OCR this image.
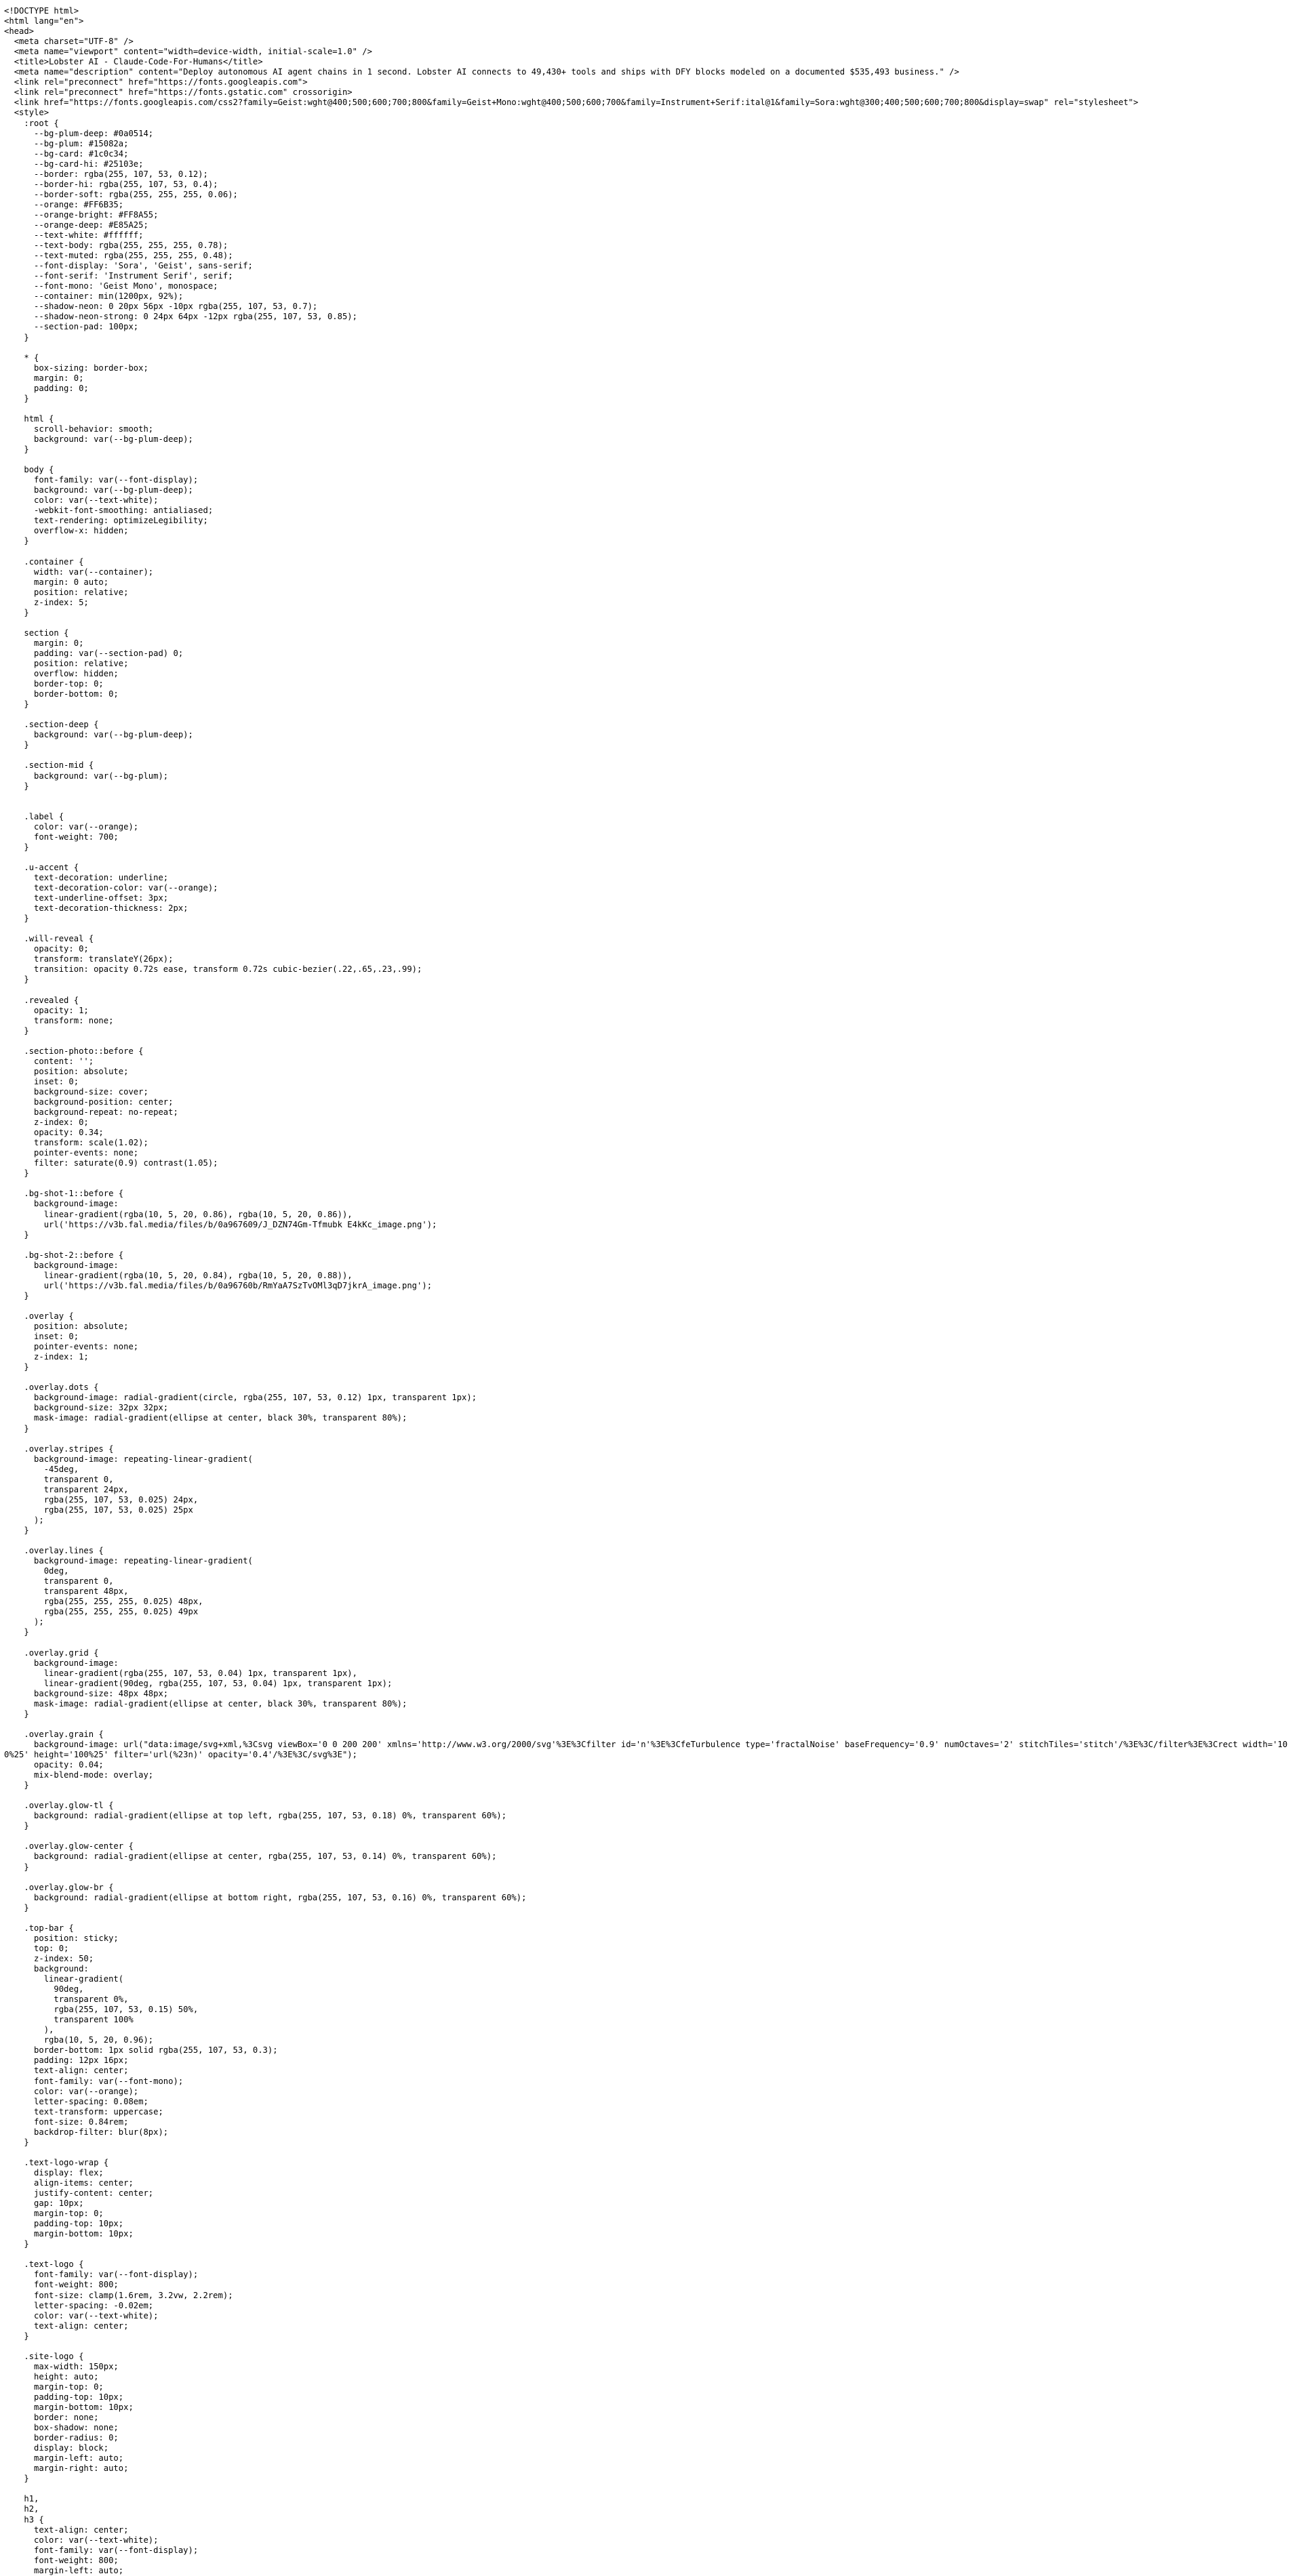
<!DOCTYPE html>
<html lang="en">
<head>
<meta charset="UTF-8" />
<meta name="viewport" content="width=device-width, initial-scale=1.0" />
<title>Lobster AI - Claude-Code-For-Humans</title>
<meta name="description" content="Deploy autonomous AI agent chains in 1 second. Lobster AI connects to 49,430+ tools and ships with DFY blocks modeled on a documented $535,493 business." />
<link rel="preconnect" href="https://fonts.googleapis.com">
<link rel="preconnect" href="https://fonts.gstatic.com" crossorigin>
<link href="https://fonts.googleapis.com/css2?family=Geist:wght@400;500;600;700;800&family=Geist+Mono:wght@400;500;600;700&family=Instrument+Serif:ital@1&family=Sora:wght@300;400;500;600;700;800&display=swap" rel="stylesheet">
<style>
:root {
--bg-plum-deep: #0a0514;
--bg-plum: #15082a;
--bg-card: #1c0c34;
--bg-card-hi: #25103e;
--border: rgba(255, 107, 53, 0.12);
--border-hi: rgba(255, 107, 53, 0.4);
--border-soft: rgba(255, 255, 255, 0.06);
--orange: #FF6B35;
--orange-bright: #FF8A55;
--orange-deep: #E85A25;
--text-white: #ffffff;
--text-body: rgba(255, 255, 255, 0.78);
--text-muted: rgba(255, 255, 255, 0.48);
--font-display: 'Sora', 'Geist', sans-serif;
--font-serif: 'Instrument Serif', serif;
--font-mono: 'Geist Mono', monospace;
--container: min(1200px, 92%);
--shadow-neon: 0 20px 56px -10px rgba(255, 107, 53, 0.7);
--shadow-neon-strong: 0 24px 64px -12px rgba(255, 107, 53, 0.85);
--section-pad: 100px;
}
* {
box-sizing: border-box;
margin: 0;
padding: 0;
}
html {
scroll-behavior: smooth;
background: var(--bg-plum-deep);
}
body {
font-family: var(--font-display);
background: var(--bg-plum-deep);
color: var(--text-white);
-webkit-font-smoothing: antialiased;
text-rendering: optimizeLegibility;
overflow-x: hidden;
}
.container {
width: var(--container);
margin: 0 auto;
position: relative;
z-index: 5;
}
section {
margin: 0;
padding: var(--section-pad) 0;
position: relative;
overflow: hidden;
border-top: 0;
border-bottom: 0;
}
.section-deep {
background: var(--bg-plum-deep);
}
.section-mid {
background: var(--bg-plum);
}
.label {
color: var(--orange);
font-weight: 700;
}
.u-accent {
text-decoration: underline;
text-decoration-color: var(--orange);
text-underline-offset: 3px;
text-decoration-thickness: 2px;
}
.will-reveal {
opacity: 0;
transform: translateY(26px);
transition: opacity 0.72s ease, transform 0.72s cubic-bezier(.22,.65,.23,.99);
}
.revealed {
opacity: 1;
transform: none;
}
.section-photo::before {
content: '';
position: absolute;
inset: 0;
background-size: cover;
background-position: center;
background-repeat: no-repeat;
z-index: 0;
opacity: 0.34;
transform: scale(1.02);
pointer-events: none;
filter: saturate(0.9) contrast(1.05);
}
.bg-shot-1::before {
background-image:
linear-gradient(rgba(10, 5, 20, 0.86), rgba(10, 5, 20, 0.86)),
url('https://v3b.fal.media/files/b/0a967609/J_DZN74Gm-Tfmubk E4kKc_image.png');
}
.bg-shot-2::before {
background-image:
linear-gradient(rgba(10, 5, 20, 0.84), rgba(10, 5, 20, 0.88)),
url('https://v3b.fal.media/files/b/0a96760b/RmYaA7SzTvOMl3qD7jkrA_image.png');
}
.overlay {
position: absolute;
inset: 0;
pointer-events: none;
z-index: 1;
}
.overlay.dots {
background-image: radial-gradient(circle, rgba(255, 107, 53, 0.12) 1px, transparent 1px);
background-size: 32px 32px;
mask-image: radial-gradient(ellipse at center, black 30%, transparent 80%);
}
.overlay.stripes {
background-image: repeating-linear-gradient(
-45deg,
transparent 0,
transparent 24px,
rgba(255, 107, 53, 0.025) 24px,
rgba(255, 107, 53, 0.025) 25px
);
}
.overlay.lines {
background-image: repeating-linear-gradient(
0deg,
transparent 0,
transparent 48px,
rgba(255, 255, 255, 0.025) 48px,
rgba(255, 255, 255, 0.025) 49px
);
}
.overlay.grid {
background-image:
linear-gradient(rgba(255, 107, 53, 0.04) 1px, transparent 1px),
linear-gradient(90deg, rgba(255, 107, 53, 0.04) 1px, transparent 1px);
background-size: 48px 48px;
mask-image: radial-gradient(ellipse at center, black 30%, transparent 80%);
}
.overlay.grain {
background-image: url("data:image/svg+xml,%3Csvg viewBox='0 0 200 200' xmlns='http://www.w3.org/2000/svg'%3E%3Cfilter id='n'%3E%3CfeTurbulence type='fractalNoise' baseFrequency='0.9' numOctaves='2' stitchTiles='stitch'/%3E%3C/filter%3E%3Crect width='100%25' height='100%25' filter='url(%23n)' opacity='0.4'/%3E%3C/svg%3E");
opacity: 0.04;
mix-blend-mode: overlay;
}
.overlay.glow-tl {
background: radial-gradient(ellipse at top left, rgba(255, 107, 53, 0.18) 0%, transparent 60%);
}
.overlay.glow-center {
background: radial-gradient(ellipse at center, rgba(255, 107, 53, 0.14) 0%, transparent 60%);
}
.overlay.glow-br {
background: radial-gradient(ellipse at bottom right, rgba(255, 107, 53, 0.16) 0%, transparent 60%);
}
.top-bar {
position: sticky;
top: 0;
z-index: 50;
background:
linear-gradient(
90deg,
transparent 0%,
rgba(255, 107, 53, 0.15) 50%,
transparent 100%
),
rgba(10, 5, 20, 0.96);
border-bottom: 1px solid rgba(255, 107, 53, 0.3);
padding: 12px 16px;
text-align: center;
font-family: var(--font-mono);
color: var(--orange);
letter-spacing: 0.08em;
text-transform: uppercase;
font-size: 0.84rem;
backdrop-filter: blur(8px);
}
.text-logo-wrap {
display: flex;
align-items: center;
justify-content: center;
gap: 10px;
margin-top: 0;
padding-top: 10px;
margin-bottom: 10px;
}
.text-logo {
font-family: var(--font-display);
font-weight: 800;
font-size: clamp(1.6rem, 3.2vw, 2.2rem);
letter-spacing: -0.02em;
color: var(--text-white);
text-align: center;
}
.site-logo {
max-width: 150px;
height: auto;
margin-top: 0;
padding-top: 10px;
margin-bottom: 10px;
border: none;
box-shadow: none;
border-radius: 0;
display: block;
margin-left: auto;
margin-right: auto;
}
h1,
h2,
h3 {
text-align: center;
color: var(--text-white);
font-family: var(--font-display);
font-weight: 800;
margin-left: auto;
